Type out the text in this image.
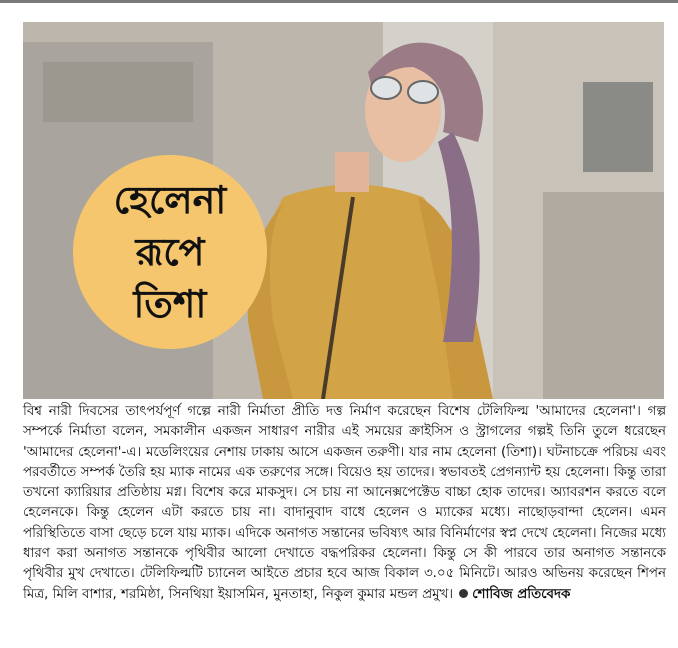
হেলেনা
রূপে
তিশা

বিশ্ব নারী দিবসের তাৎপর্যপূর্ণ গল্পে নারী নির্মাতা প্রীতি দত্ত নির্মাণ করেছেন বিশেষ টেলিফিল্ম 'আমাদের হেলেনা'। গল্প সম্পর্কে নির্মাতা বলেন, সমকালীন একজন সাধারণ নারীর এই সময়ের ক্রাইসিস ও স্ট্রাগলের গল্পই তিনি তুলে ধরেছেন 'আমাদের হেলেনা'-এ। মডেলিংয়ের নেশায় ঢাকায় আসে একজন তরুণী। যার নাম হেলেনা (তিশা)। ঘটনাচক্রে পরিচয় এবং পরবর্তীতে সম্পর্ক তৈরি হয় ম্যাক নামের এক তরুণের সঙ্গে। বিয়েও হয় তাদের। স্বভাবতই প্রেগন্যান্ট হয় হেলেনা। কিন্তু তারা তখনো ক্যারিয়ার প্রতিষ্ঠায় মগ্ন। বিশেষ করে মাকসুদ। সে চায় না আনেক্সপেক্টেড বাচ্চা হোক তাদের। অ্যাবরশন করতে বলে হেলেনকে। কিন্তু হেলেন এটা করতে চায় না। বাদানুবাদ বাধে হেলেন ও ম্যাকের মধ্যে। নাছোড়বান্দা হেলেন। এমন পরিস্থিতিতে বাসা ছেড়ে চলে যায় ম্যাক। এদিকে অনাগত সন্তানের ভবিষ্যৎ আর বিনির্মাণের স্বপ্ন দেখে হেলেনা। নিজের মধ্যে ধারণ করা অনাগত সন্তানকে পৃথিবীর আলো দেখাতে বদ্ধপরিকর হেলেনা। কিন্তু সে কী পারবে তার অনাগত সন্তানকে পৃথিবীর মুখ দেখাতে। টেলিফিল্মটি চ্যানেল আইতে প্রচার হবে আজ বিকাল ৩.০৫ মিনিটে। আরও অভিনয় করেছেন শিপন মিত্র, মিলি বাশার, শরমিষ্ঠা, সিনথিয়া ইয়াসমিন, মুনতাহা, নিকুল কুমার মন্ডল প্রমুখ। শোবিজ প্রতিবেদক
